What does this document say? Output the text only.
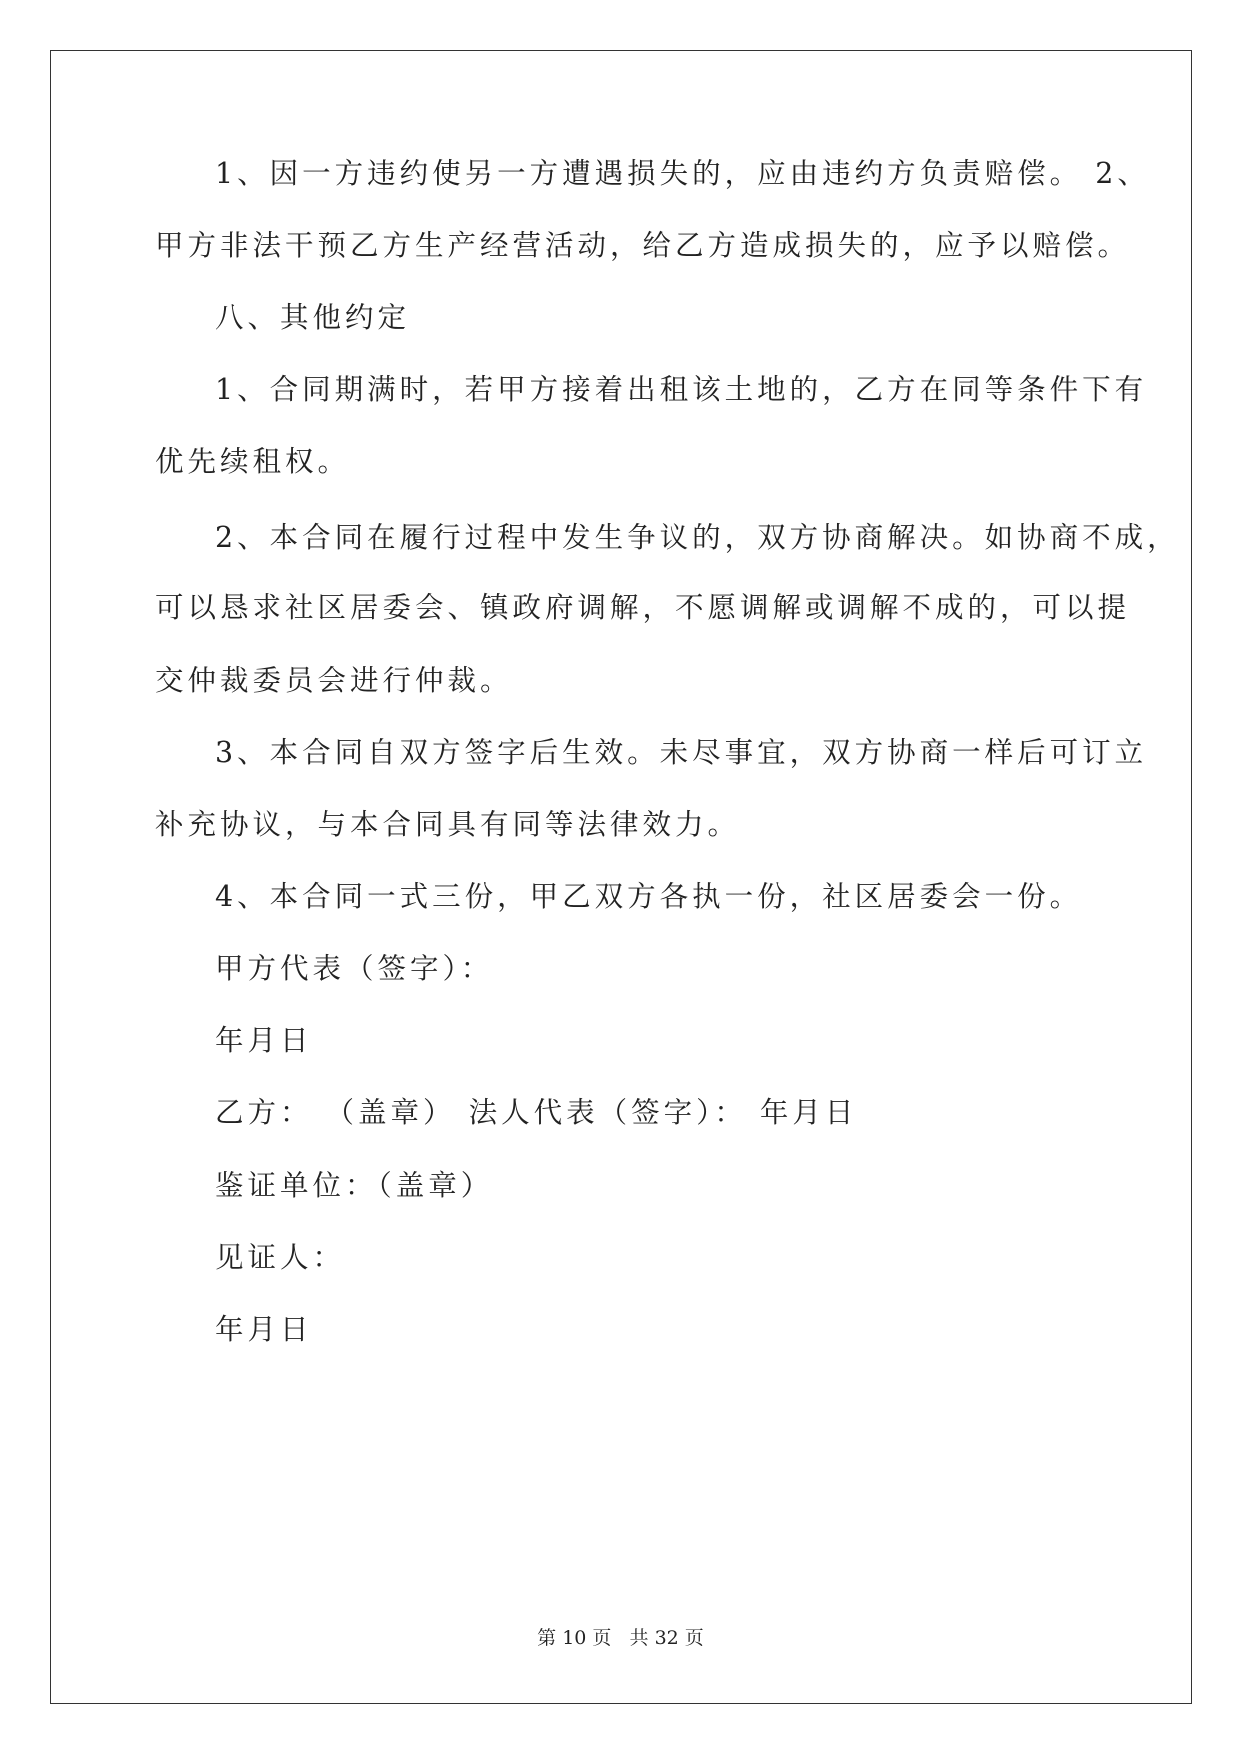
1、因一方违约使另一方遭遇损失的，应由违约方负责赔偿。 2、

甲方非法干预乙方生产经营活动，给乙方造成损失的，应予以赔偿。

八、其他约定

1、合同期满时，若甲方接着出租该土地的，乙方在同等条件下有

优先续租权。

2、本合同在履行过程中发生争议的，双方协商解决。如协商不成，

可以恳求社区居委会、镇政府调解，不愿调解或调解不成的，可以提

交仲裁委员会进行仲裁。

3、本合同自双方签字后生效。未尽事宜，双方协商一样后可订立

补充协议，与本合同具有同等法律效力。

4、本合同一式三份，甲乙双方各执一份，社区居委会一份。

甲方代表（签字）：

年月日

乙方： （盖章） 法人代表（签字）： 年月日

鉴证单位：（盖章）

见证人：

年月日

第 10 页   共 32 页
